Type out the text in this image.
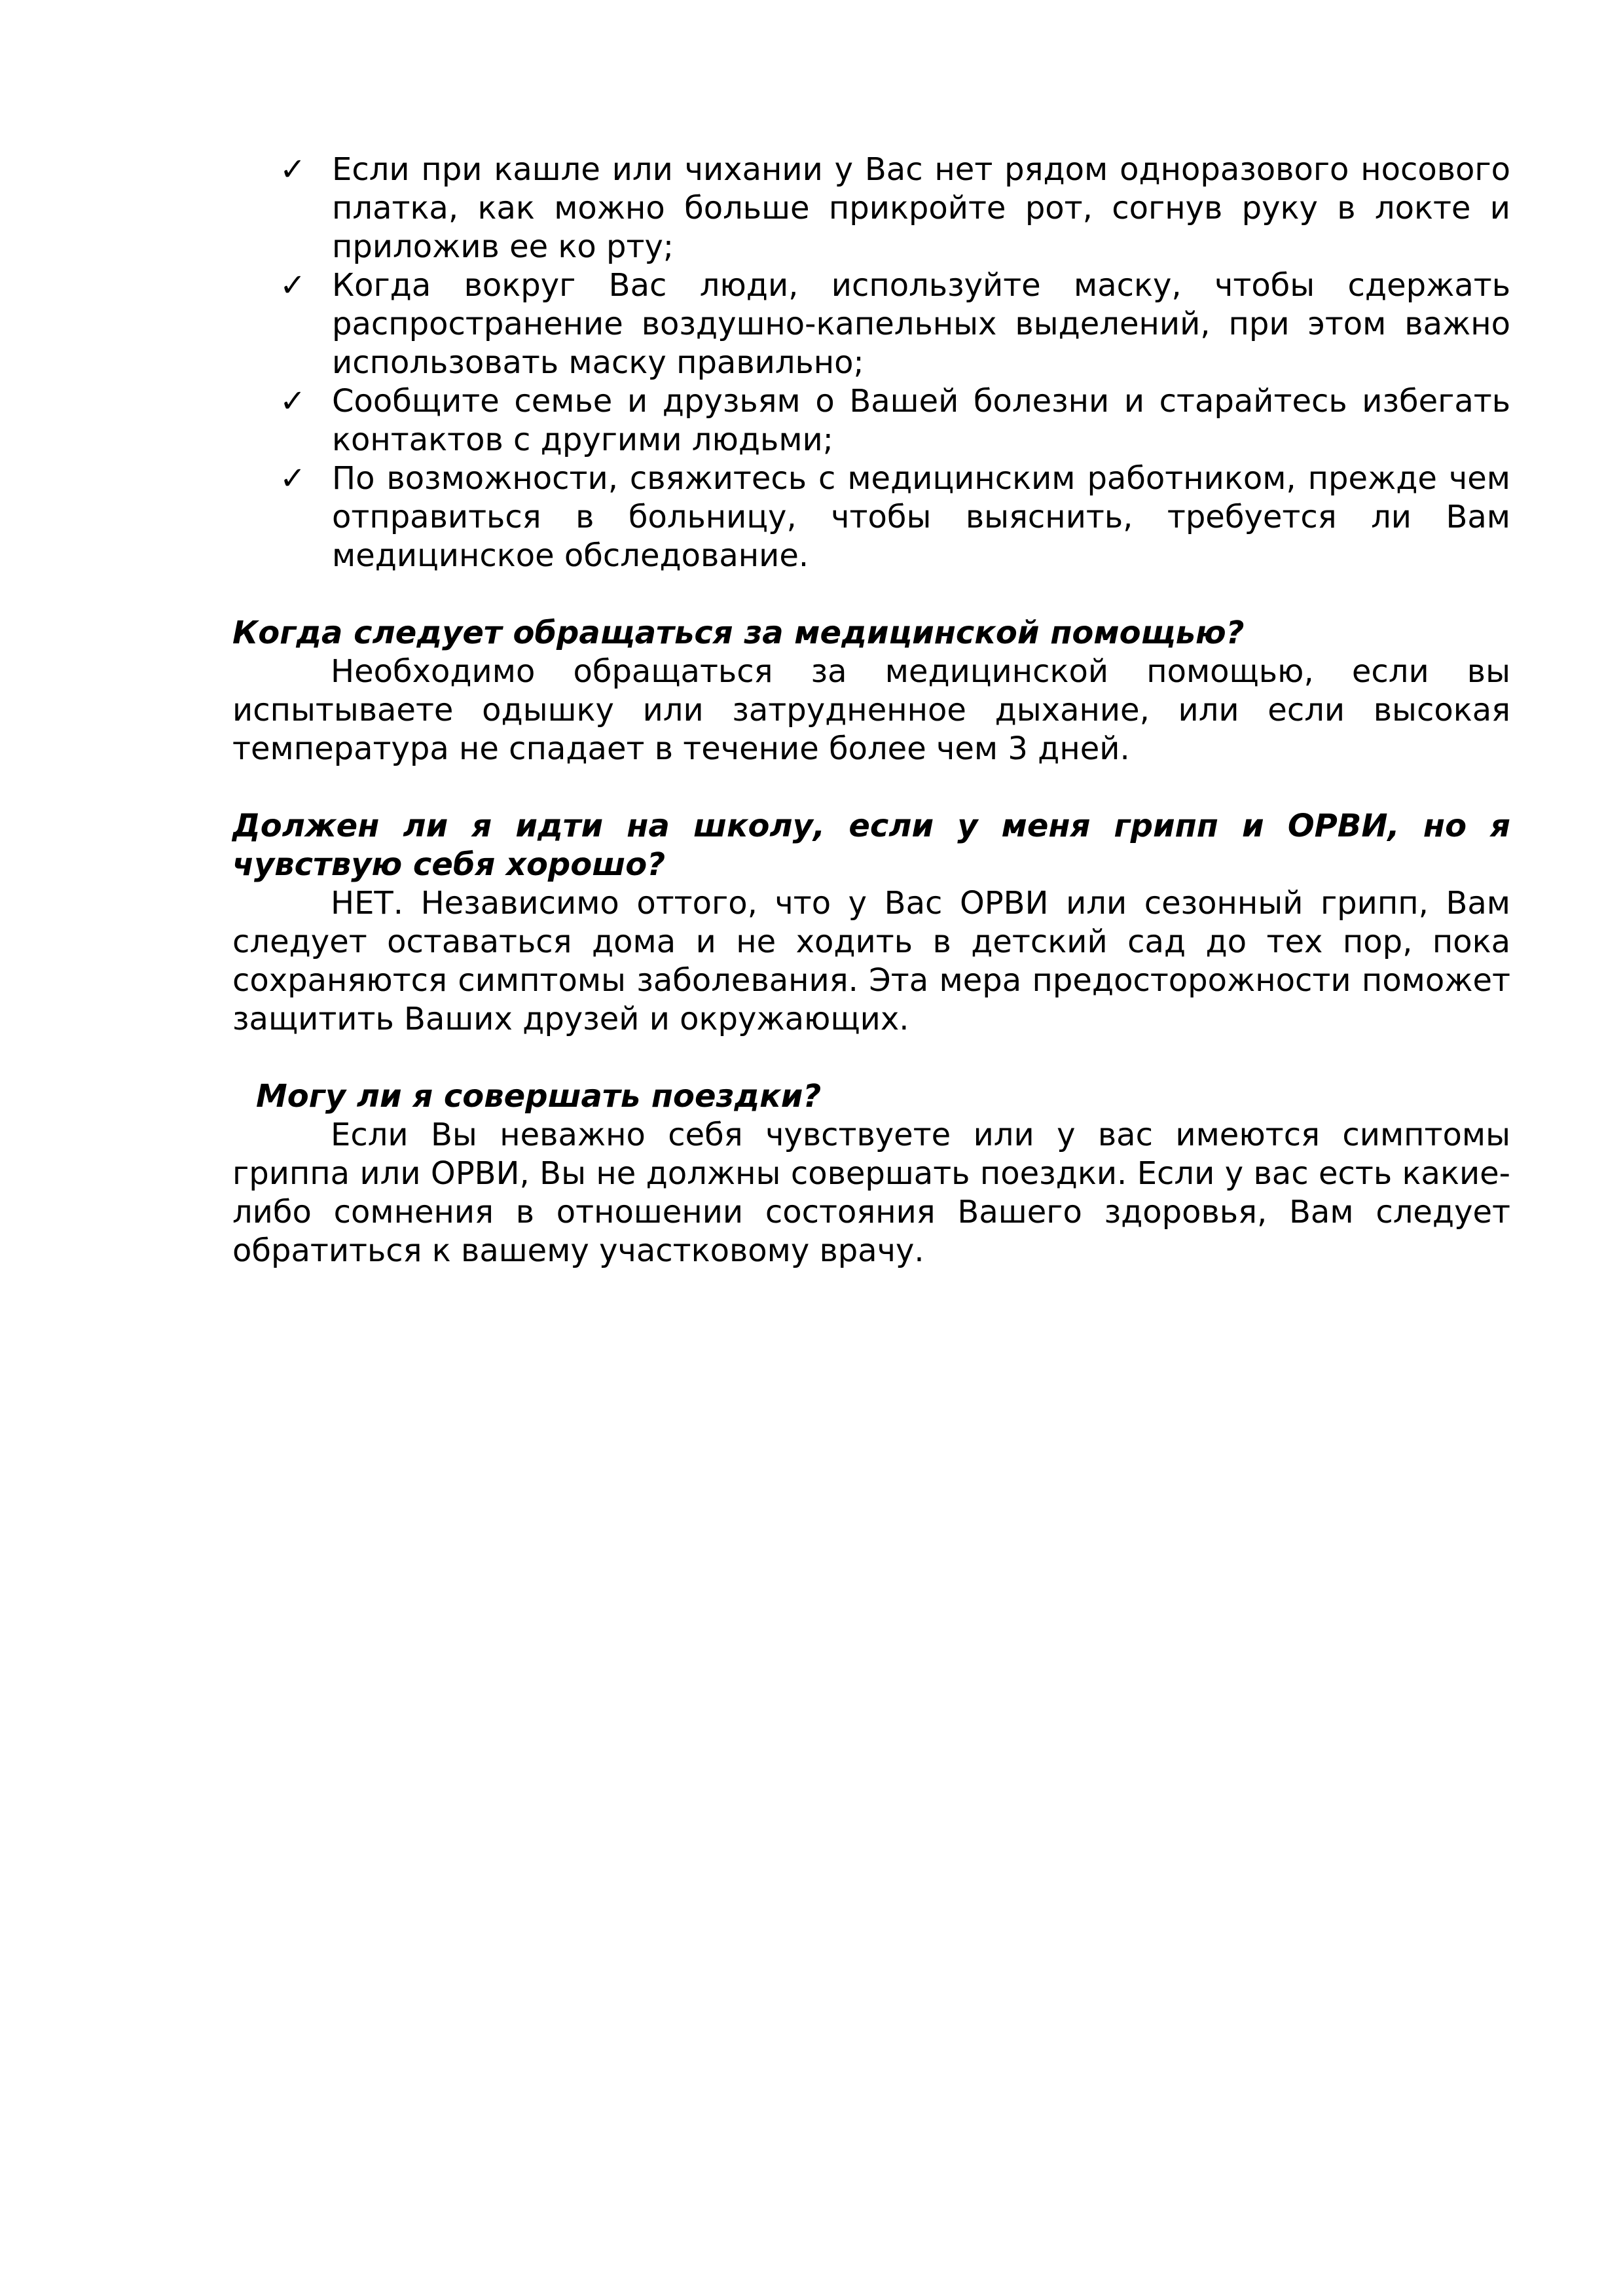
✓ Если при кашле или чихании у Вас нет рядом одноразового носового платка, как можно больше прикройте рот, согнув руку в локте и приложив ее ко рту;
✓ Когда вокруг Вас люди, используйте маску, чтобы сдержать распространение воздушно-капельных выделений, при этом важно использовать маску правильно;
✓ Сообщите семье и друзьям о Вашей болезни и старайтесь избегать контактов с другими людьми;
✓ По возможности, свяжитесь с медицинским работником, прежде чем отправиться в больницу, чтобы выяснить, требуется ли Вам медицинское обследование.
Когда следует обращаться за медицинской помощью?
Необходимо обращаться за медицинской помощью, если вы испытываете одышку или затрудненное дыхание, или если высокая температура не спадает в течение более чем 3 дней.
Должен ли я идти на школу, если у меня грипп и ОРВИ, но я чувствую себя хорошо?
НЕТ. Независимо оттого, что у Вас ОРВИ или сезонный грипп, Вам следует оставаться дома и не ходить в детский сад до тех пор, пока сохраняются симптомы заболевания. Эта мера предосторожности поможет защитить Ваших друзей и окружающих.
Могу ли я совершать поездки?
Если Вы неважно себя чувствуете или у вас имеются симптомы гриппа или ОРВИ, Вы не должны совершать поездки. Если у вас есть какие-либо сомнения в отношении состояния Вашего здоровья, Вам следует обратиться к вашему участковому врачу.
